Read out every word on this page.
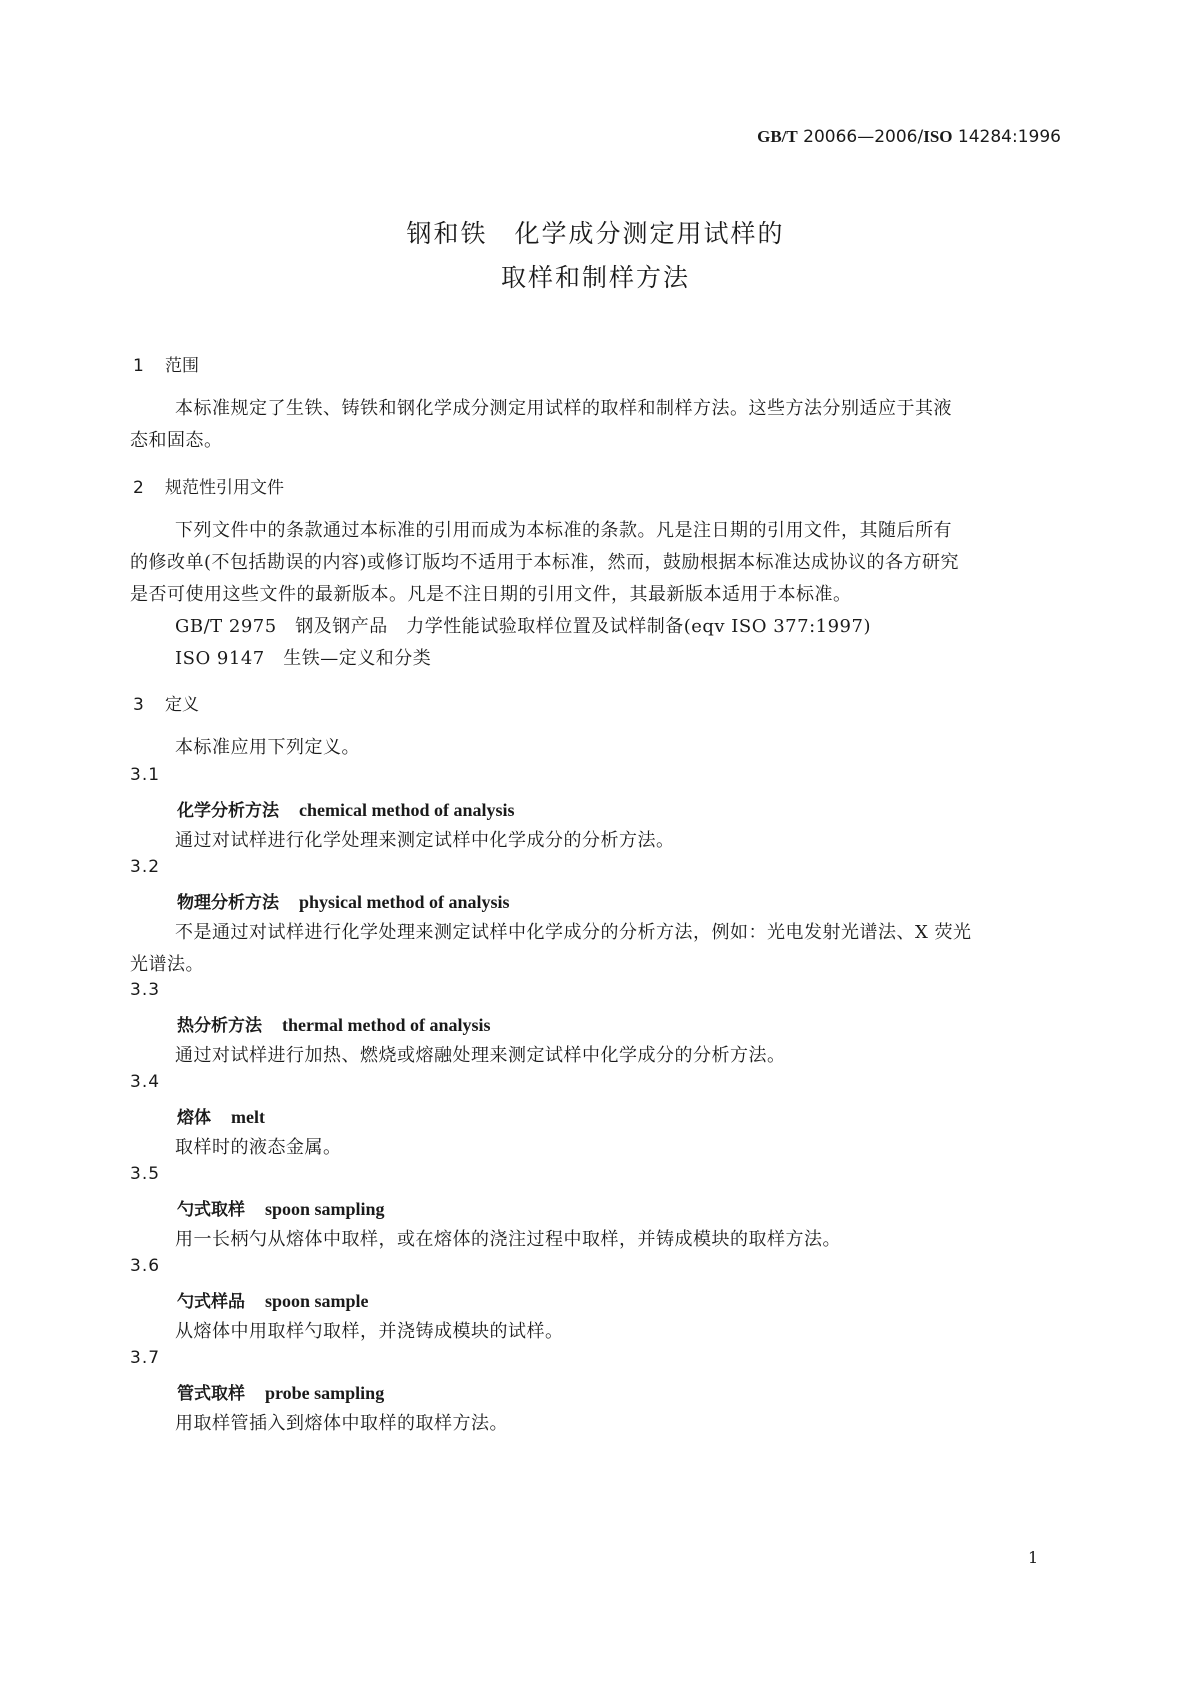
GB/T 20066—2006/ISO 14284:1996
钢和铁　化学成分测定用试样的
取样和制样方法
1 范围
本标准规定了生铁、铸铁和钢化学成分测定用试样的取样和制样方法。这些方法分别适应于其液
态和固态。
2 规范性引用文件
下列文件中的条款通过本标准的引用而成为本标准的条款。凡是注日期的引用文件，其随后所有
的修改单(不包括勘误的内容)或修订版均不适用于本标准，然而，鼓励根据本标准达成协议的各方研究
是否可使用这些文件的最新版本。凡是不注日期的引用文件，其最新版本适用于本标准。
GB/T 2975　钢及钢产品　力学性能试验取样位置及试样制备(eqv ISO 377:1997)
ISO 9147　生铁—定义和分类
3 定义
本标准应用下列定义。
3.1
化学分析方法 chemical method of analysis
通过对试样进行化学处理来测定试样中化学成分的分析方法。
3.2
物理分析方法 physical method of analysis
不是通过对试样进行化学处理来测定试样中化学成分的分析方法，例如：光电发射光谱法、X 荧光
光谱法。
3.3
热分析方法 thermal method of analysis
通过对试样进行加热、燃烧或熔融处理来测定试样中化学成分的分析方法。
3.4
熔体 melt
取样时的液态金属。
3.5
勺式取样 spoon sampling
用一长柄勺从熔体中取样，或在熔体的浇注过程中取样，并铸成模块的取样方法。
3.6
勺式样品 spoon sample
从熔体中用取样勺取样，并浇铸成模块的试样。
3.7
管式取样 probe sampling
用取样管插入到熔体中取样的取样方法。
1
